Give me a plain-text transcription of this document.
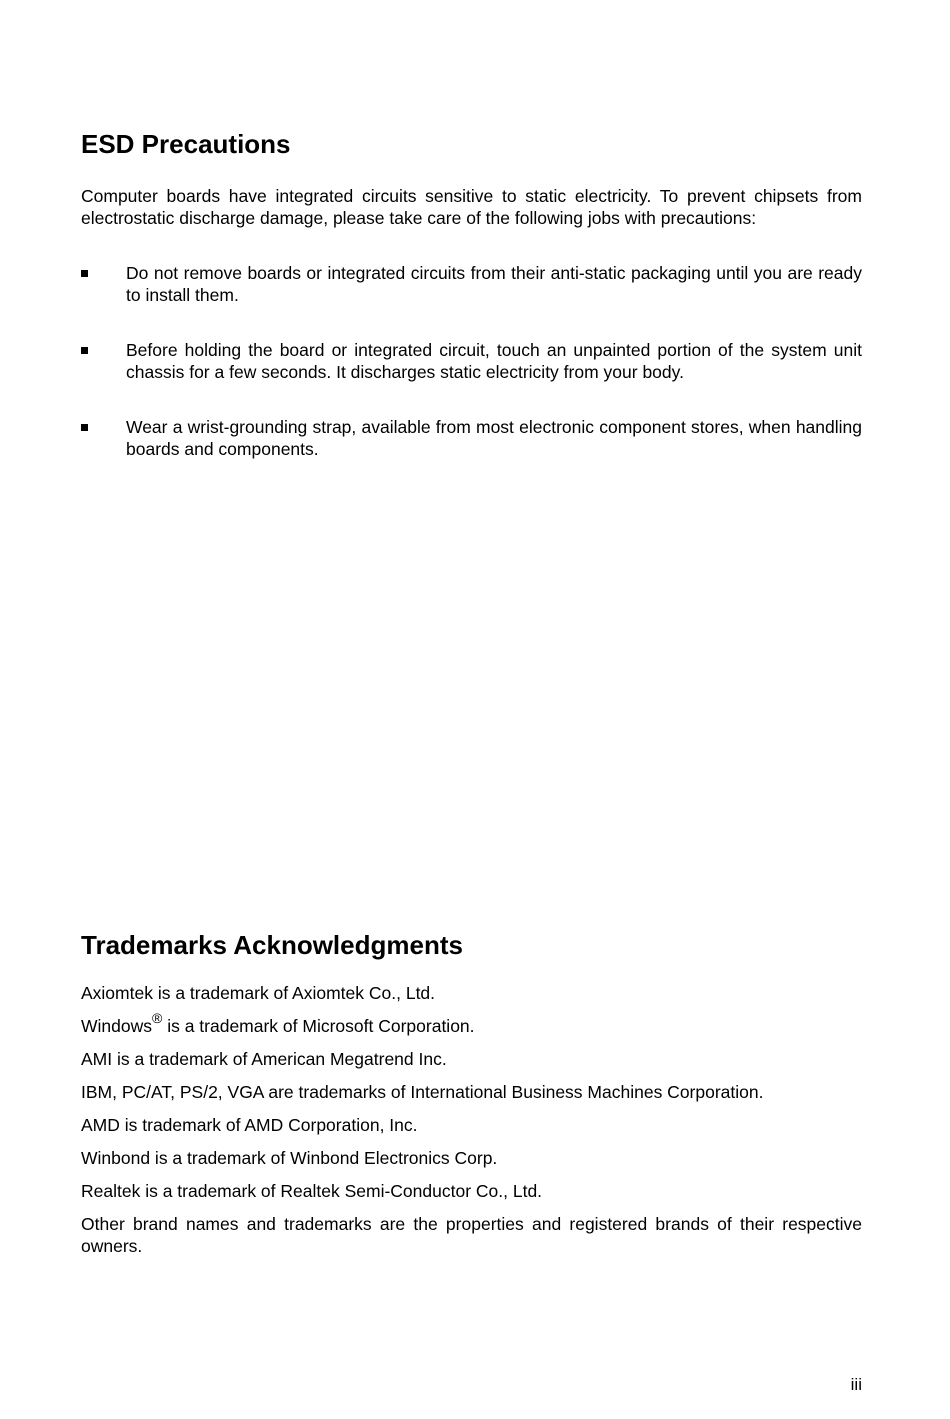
ESD Precautions

Computer boards have integrated circuits sensitive to static electricity. To prevent chipsets from electrostatic discharge damage, please take care of the following jobs with precautions:

Do not remove boards or integrated circuits from their anti-static packaging until you are ready to install them.
Before holding the board or integrated circuit, touch an unpainted portion of the system unit chassis for a few seconds. It discharges static electricity from your body.
Wear a wrist-grounding strap, available from most electronic component stores, when handling boards and components.
Trademarks Acknowledgments

Axiomtek is a trademark of Axiomtek Co., Ltd.

Windows® is a trademark of Microsoft Corporation.

AMI is a trademark of American Megatrend Inc.

IBM, PC/AT, PS/2, VGA are trademarks of International Business Machines Corporation.

AMD is trademark of AMD Corporation, Inc.

Winbond is a trademark of Winbond Electronics Corp.

Realtek is a trademark of Realtek Semi-Conductor Co., Ltd.

Other brand names and trademarks are the properties and registered brands of their respective owners.

iii
